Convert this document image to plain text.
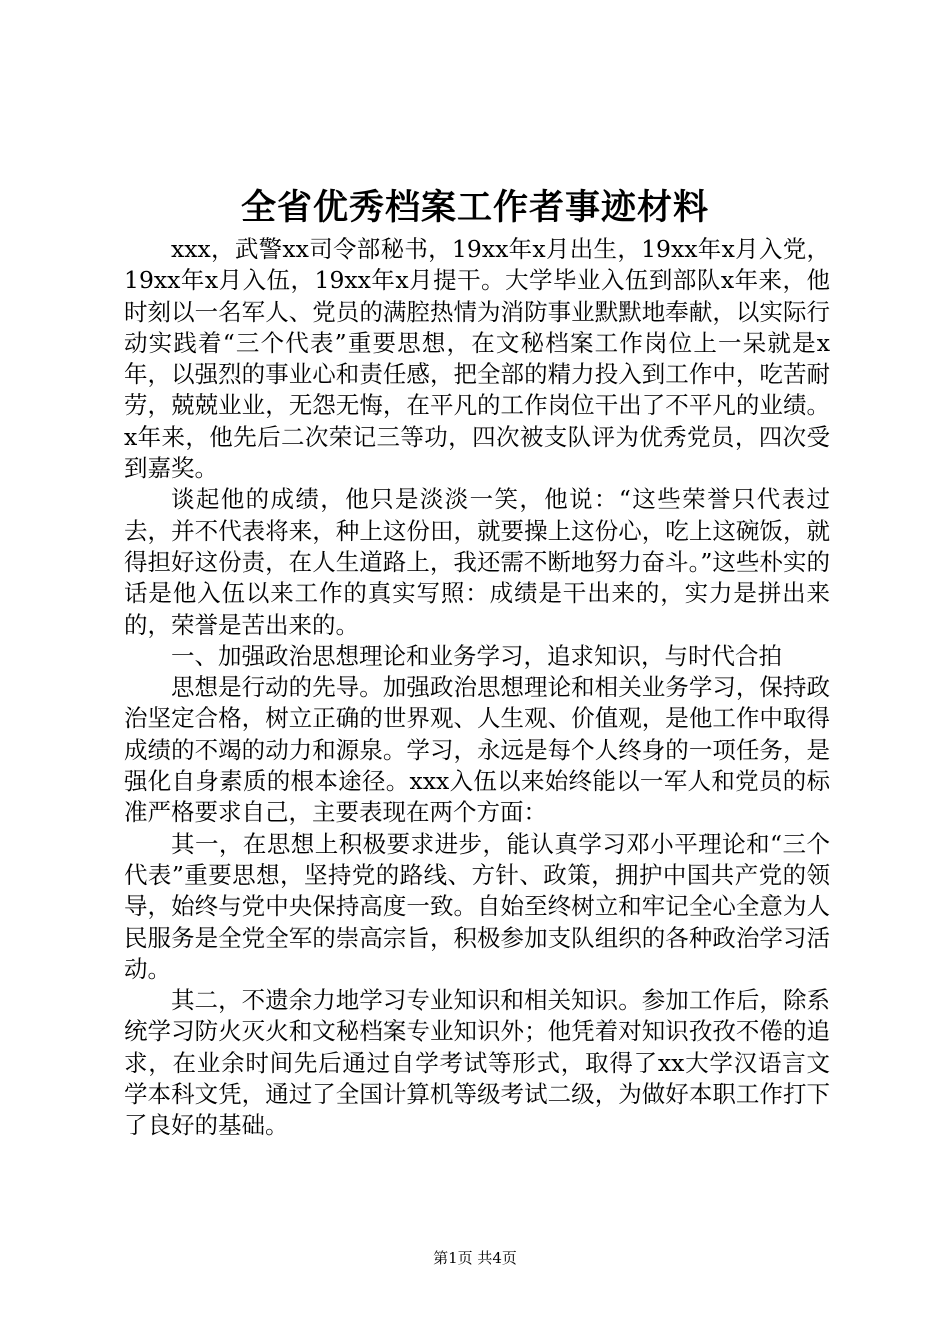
全省优秀档案工作者事迹材料

xxx，武警xx司令部秘书，19xx年x月出生，19xx年x月入党，19xx年x月入伍，19xx年x月提干。大学毕业入伍到部队x年来，他时刻以一名军人、党员的满腔热情为消防事业默默地奉献，以实际行动实践着“三个代表”重要思想，在文秘档案工作岗位上一呆就是x年，以强烈的事业心和责任感，把全部的精力投入到工作中，吃苦耐劳，兢兢业业，无怨无悔，在平凡的工作岗位干出了不平凡的业绩。x年来，他先后二次荣记三等功，四次被支队评为优秀党员，四次受到嘉奖。

谈起他的成绩，他只是淡淡一笑，他说：“这些荣誉只代表过去，并不代表将来，种上这份田，就要操上这份心，吃上这碗饭，就得担好这份责，在人生道路上，我还需不断地努力奋斗。”这些朴实的话是他入伍以来工作的真实写照：成绩是干出来的，实力是拼出来的，荣誉是苦出来的。

一、加强政治思想理论和业务学习，追求知识，与时代合拍

思想是行动的先导。加强政治思想理论和相关业务学习，保持政治坚定合格，树立正确的世界观、人生观、价值观，是他工作中取得成绩的不竭的动力和源泉。学习，永远是每个人终身的一项任务，是强化自身素质的根本途径。xxx入伍以来始终能以一军人和党员的标准严格要求自己，主要表现在两个方面：

其一，在思想上积极要求进步，能认真学习邓小平理论和“三个代表”重要思想，坚持党的路线、方针、政策，拥护中国共产党的领导，始终与党中央保持高度一致。自始至终树立和牢记全心全意为人民服务是全党全军的崇高宗旨，积极参加支队组织的各种政治学习活动。

其二，不遗余力地学习专业知识和相关知识。参加工作后，除系统学习防火灭火和文秘档案专业知识外；他凭着对知识孜孜不倦的追求，在业余时间先后通过自学考试等形式，取得了xx大学汉语言文学本科文凭，通过了全国计算机等级考试二级，为做好本职工作打下了良好的基础。

第1页 共4页
